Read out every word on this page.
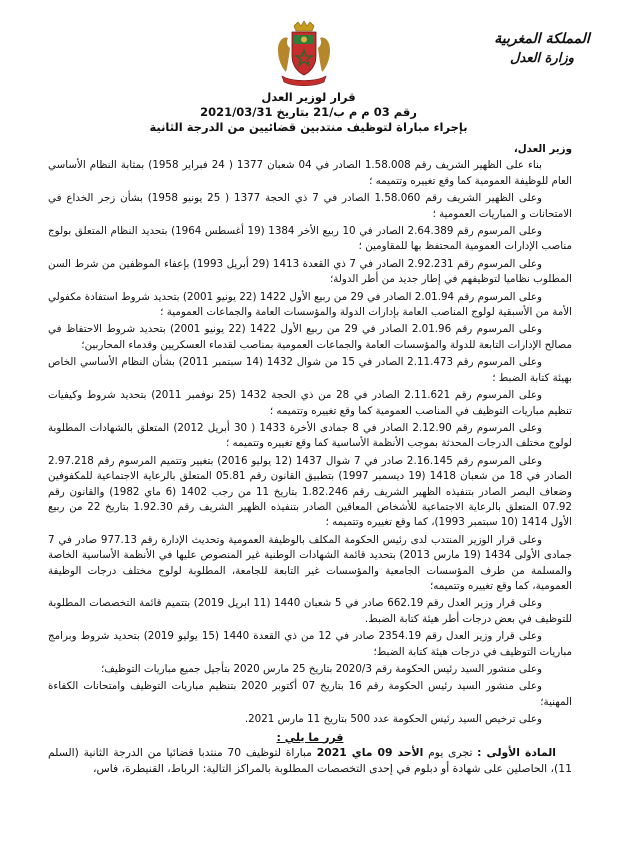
المملكة المغربية
وزارة العدل
قرار لوزير العدل
رقم 03 م م ب/21 بتاريخ 2021/03/31
بإجراء مباراة لتوظيف منتدبين قضائيين من الدرجة الثانية

وزير العدل،

بناء على الظهير الشريف رقم 1.58.008 الصادر في 04 شعبان 1377 ( 24 فبراير 1958) بمثابة النظام الأساسي العام للوظيفة العمومية كما وقع تغييره وتتميمه ؛

وعلى الظهير الشريف رقم 1.58.060 الصادر في 7 ذي الحجة 1377 ( 25 يونيو 1958) بشأن زجر الخداع في الامتحانات و المباريات العمومية ؛

وعلى المرسوم رقم 2.64.389 الصادر في 10 ربيع الأخر 1384 (19 أغسطس 1964) بتحديد النظام المتعلق بولوج مناصب الإدارات العمومية المحتفظ بها للمقاومين ؛

وعلى المرسوم رقم 2.92.231 الصادر في 7 ذي القعدة 1413 (29 أبريل 1993) بإعفاء الموظفين من شرط السن المطلوب نظاميا لتوظيفهم في إطار جديد من أطر الدولة؛

وعلى المرسوم رقم 2.01.94 الصادر في 29 من ربيع الأول 1422 (22 يونيو 2001) بتحديد شروط استفادة مكفولي الأمة من الأسبقية لولوج المناصب العامة بإدارات الدولة والمؤسسات العامة والجماعات العمومية ؛

وعلى المرسوم رقم 2.01.96 الصادر في 29 من ربيع الأول 1422 (22 يونيو 2001) بتحديد شروط الاحتفاظ في مصالح الإدارات التابعة للدولة والمؤسسات العامة والجماعات العمومية بمناصب لقدماء العسكريين وقدماء المحاربين؛

وعلى المرسوم رقم 2.11.473 الصادر في 15 من شوال 1432 (14 سبتمبر 2011) بشأن النظام الأساسي الخاص بهيئة كتابة الضبط ؛

وعلى المرسوم رقم 2.11.621 الصادر في 28 من ذي الحجة 1432 (25 نوفمبر 2011) بتحديد شروط وكيفيات تنظيم مباريات التوظيف في المناصب العمومية كما وقع تغييره وتتميمه ؛

وعلى المرسوم رقم 2.12.90 الصادر في 8 جمادى الأخرة 1433 ( 30 أبريل 2012) المتعلق بالشهادات المطلوبة لولوج مختلف الدرجات المحدثة بموجب الأنظمة الأساسية كما وقع تغييره وتتميمه ؛

وعلى المرسوم رقم 2.16.145 صادر في 7 شوال 1437 (12 يوليو 2016) بتغيير وتتميم المرسوم رقم 2.97.218 الصادر في 18 من شعبان 1418 (19 ديسمبر 1997) بتطبيق القانون رقم 05.81 المتعلق بالرعاية الاجتماعية للمكفوفين وضعاف البصر الصادر بتنفيذه الظهير الشريف رقم 1.82.246 بتاريخ 11 من رجب 1402 (6 ماي 1982) والقانون رقم 07.92 المتعلق بالرعاية الاجتماعية للأشخاص المعاقين الصادر بتنفيذه الظهير الشريف رقم 1.92.30 بتاريخ 22 من ربيع الأول 1414 (10 سبتمبر 1993)، كما وقع تغييره وتتميمه ؛

وعلى قرار الوزير المنتدب لدى رئيس الحكومة المكلف بالوظيفة العمومية وتحديث الإدارة رقم 977.13 صادر في 7 جمادى الأولى 1434 (19 مارس 2013) بتحديد قائمة الشهادات الوطنية غير المنصوص عليها في الأنظمة الأساسية الخاصة والمسلمة من طرف المؤسسات الجامعية والمؤسسات غير التابعة للجامعة، المطلوبة لولوج مختلف درجات الوظيفة العمومية، كما وقع تغييره وتتميمه؛

وعلى قرار وزير العدل رقم 662.19 صادر في 5 شعبان 1440 (11 ابريل 2019) بتتميم قائمة التخصصات المطلوبة للتوظيف في بعض درجات أطر هيئة كتابة الضبط.

وعلى قرار وزير العدل رقم 2354.19 صادر في 12 من ذي القعدة 1440 (15 يوليو 2019) بتحديد شروط وبرامج مباريات التوظيف في درجات هيئة كتابة الضبط؛

وعلى منشور السيد رئيس الحكومة رقم 2020/3 بتاريخ 25 مارس 2020 بتأجيل جميع مباريات التوظيف؛

وعلى منشور السيد رئيس الحكومة رقم 16 بتاريخ 07 أكتوبر 2020 بتنظيم مباريات التوظيف وامتحانات الكفاءة المهنية؛

وعلى ترخيص السيد رئيس الحكومة عدد 500 بتاريخ 11 مارس 2021.

قرر ما يلي :

المادة الأولى : تجرى يوم الأحد 09 ماي 2021 مباراة لتوظيف 70 منتدبا قضائيا من الدرجة الثانية (السلم 11)، الحاصلين على شهادة أو دبلوم في إحدى التخصصات المطلوبة بالمراكز التالية: الرباط، القنيطرة، فاس،
